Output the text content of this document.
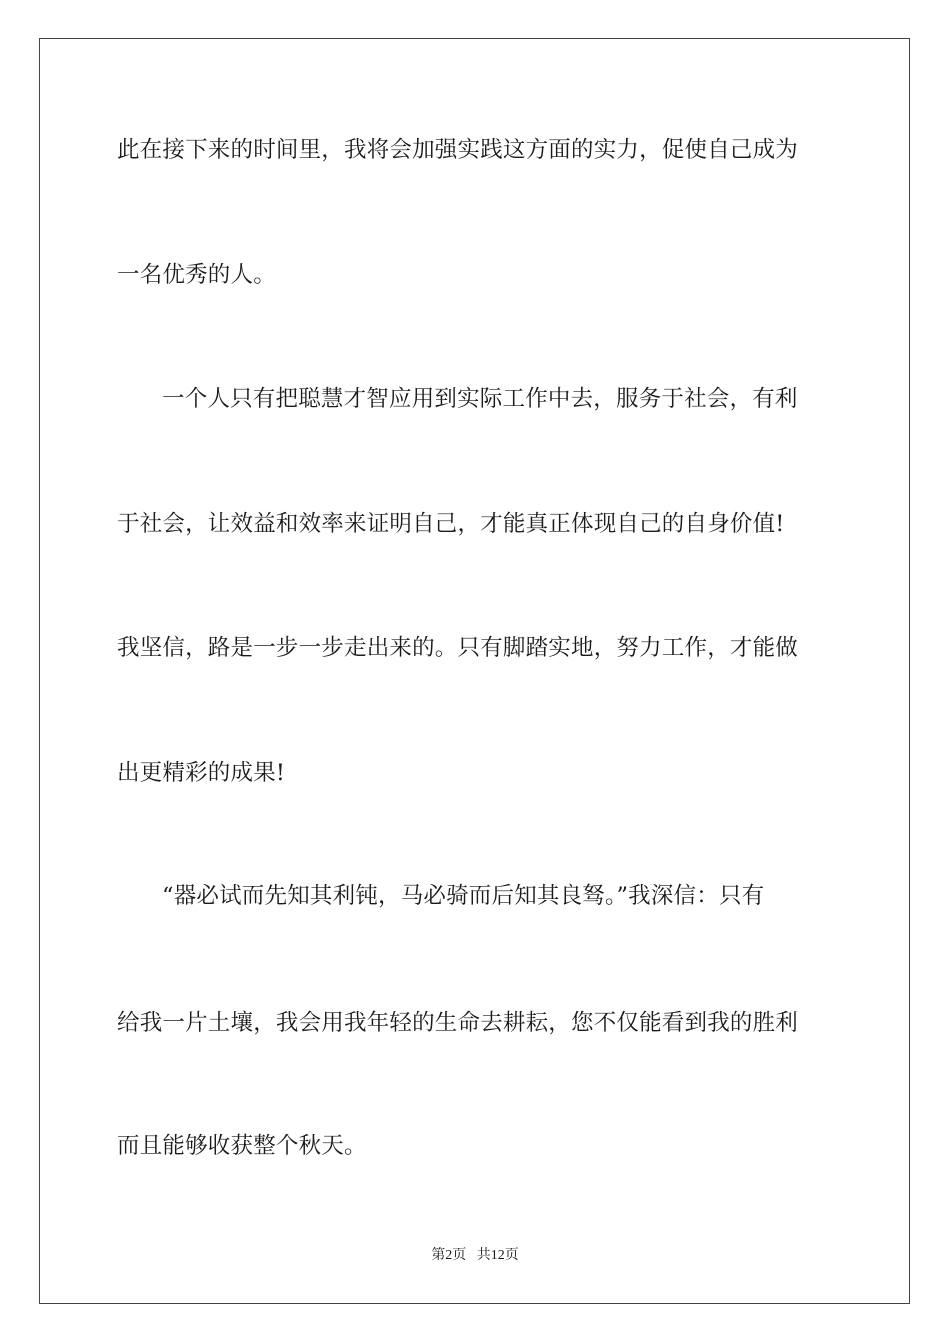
此在接下来的时间里，我将会加强实践这方面的实力，促使自己成为
一名优秀的人。
一个人只有把聪慧才智应用到实际工作中去，服务于社会，有利
于社会，让效益和效率来证明自己，才能真正体现自己的自身价值!
我坚信，路是一步一步走出来的。只有脚踏实地，努力工作，才能做
出更精彩的成果!
“器必试而先知其利钝，马必骑而后知其良驽。”我深信：只有
给我一片土壤，我会用我年轻的生命去耕耘，您不仅能看到我的胜利
而且能够收获整个秋天。
第2页   共12页
